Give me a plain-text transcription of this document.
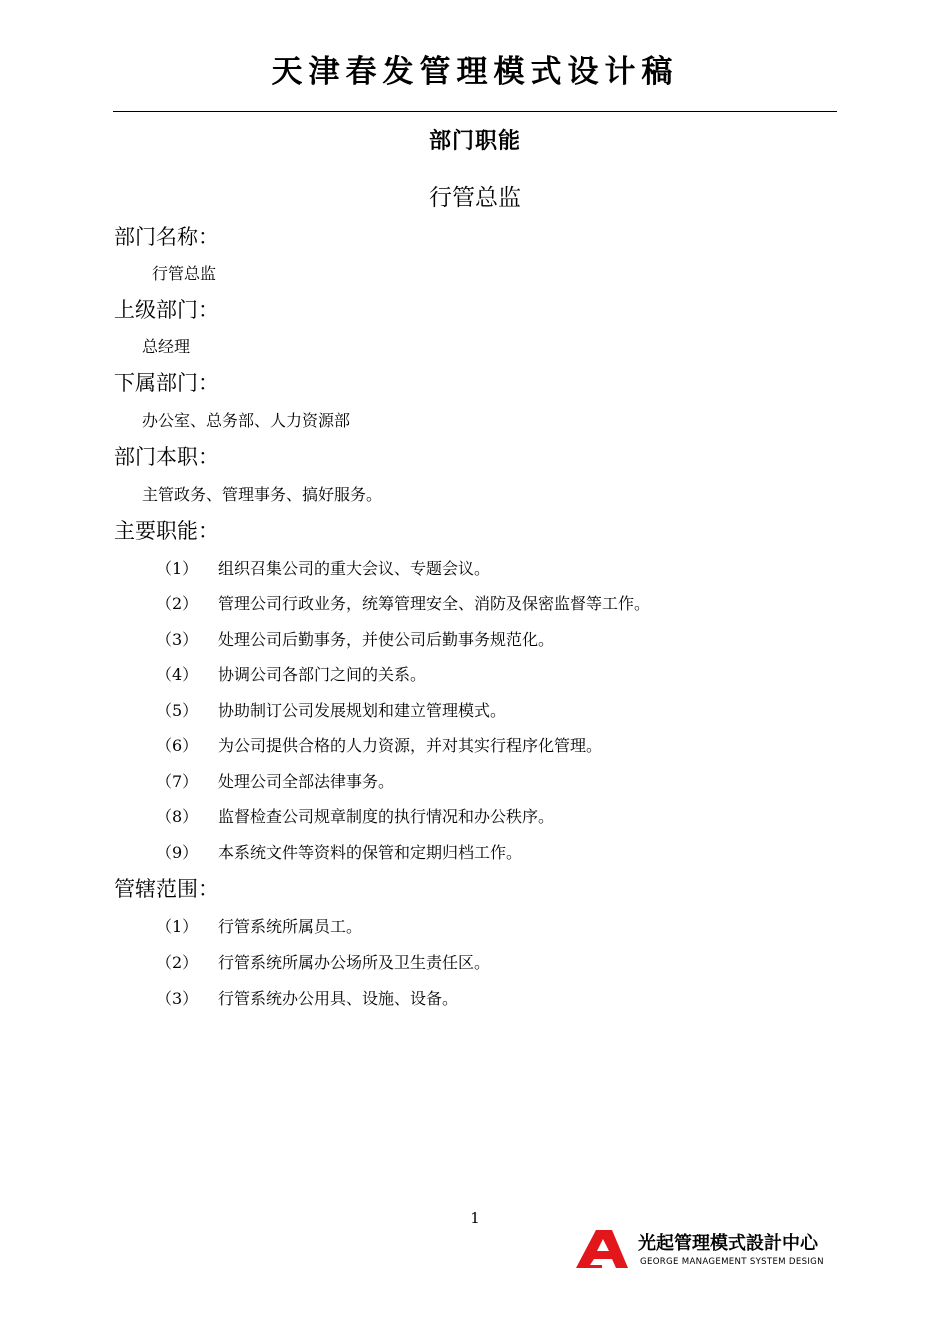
天津春发管理模式设计稿
部门职能
行管总监
部门名称：
行管总监
上级部门：
总经理
下属部门：
办公室、总务部、人力资源部
部门本职：
主管政务、管理事务、搞好服务。
主要职能：
（1） 组织召集公司的重大会议、专题会议。
（2） 管理公司行政业务，统筹管理安全、消防及保密监督等工作。
（3） 处理公司后勤事务，并使公司后勤事务规范化。
（4） 协调公司各部门之间的关系。
（5） 协助制订公司发展规划和建立管理模式。
（6） 为公司提供合格的人力资源，并对其实行程序化管理。
（7） 处理公司全部法律事务。
（8） 监督检查公司规章制度的执行情况和办公秩序。
（9） 本系统文件等资料的保管和定期归档工作。
管辖范围：
（1） 行管系统所属员工。
（2） 行管系统所属办公场所及卫生责任区。
（3） 行管系统办公用具、设施、设备。
1
光起管理模式設計中心
GEORGE MANAGEMENT SYSTEM DESIGN
